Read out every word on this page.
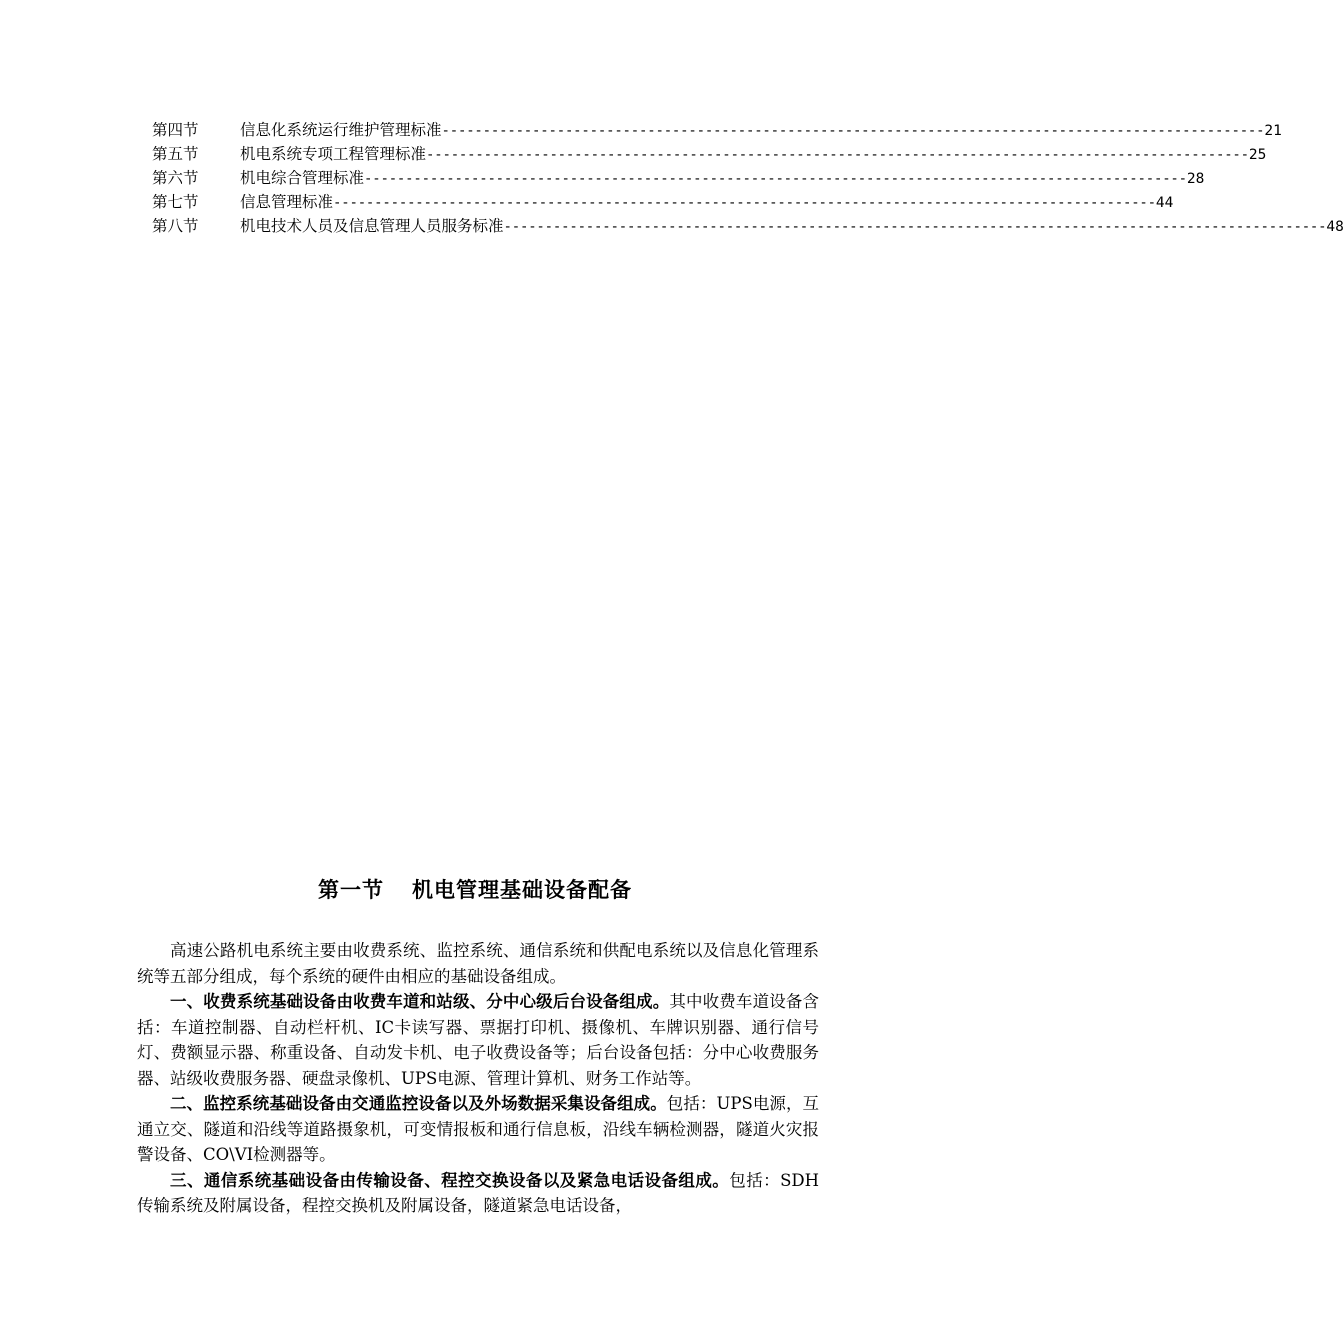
第四节	信息化系统运行维护管理标准 ---------------------------------------------------------------------------------------------------- 21
第五节	机电系统专项工程管理标准 ---------------------------------------------------------------------------------------------------- 25
第六节	机电综合管理标准 ---------------------------------------------------------------------------------------------------- 28
第七节	信息管理标准 ---------------------------------------------------------------------------------------------------- 44
第八节	机电技术人员及信息管理人员服务标准 ---------------------------------------------------------------------------------------------------- 48
第一节 机电管理基础设备配备

高速公路机电系统主要由收费系统、监控系统、通信系统和供配电系统以及信息化管理系统等五部分组成，每个系统的硬件由相应的基础设备组成。

一、收费系统基础设备由收费车道和站级、分中心级后台设备组成。其中收费车道设备含括：车道控制器、自动栏杆机、IC卡读写器、票据打印机、摄像机、车牌识别器、通行信号灯、费额显示器、称重设备、自动发卡机、电子收费设备等；后台设备包括：分中心收费服务器、站级收费服务器、硬盘录像机、UPS电源、管理计算机、财务工作站等。

二、监控系统基础设备由交通监控设备以及外场数据采集设备组成。包括：UPS电源，互通立交、隧道和沿线等道路摄象机，可变情报板和通行信息板，沿线车辆检测器，隧道火灾报警设备、CO\VI检测器等。

三、通信系统基础设备由传输设备、程控交换设备以及紧急电话设备组成。包括：SDH传输系统及附属设备，程控交换机及附属设备，隧道紧急电话设备，
